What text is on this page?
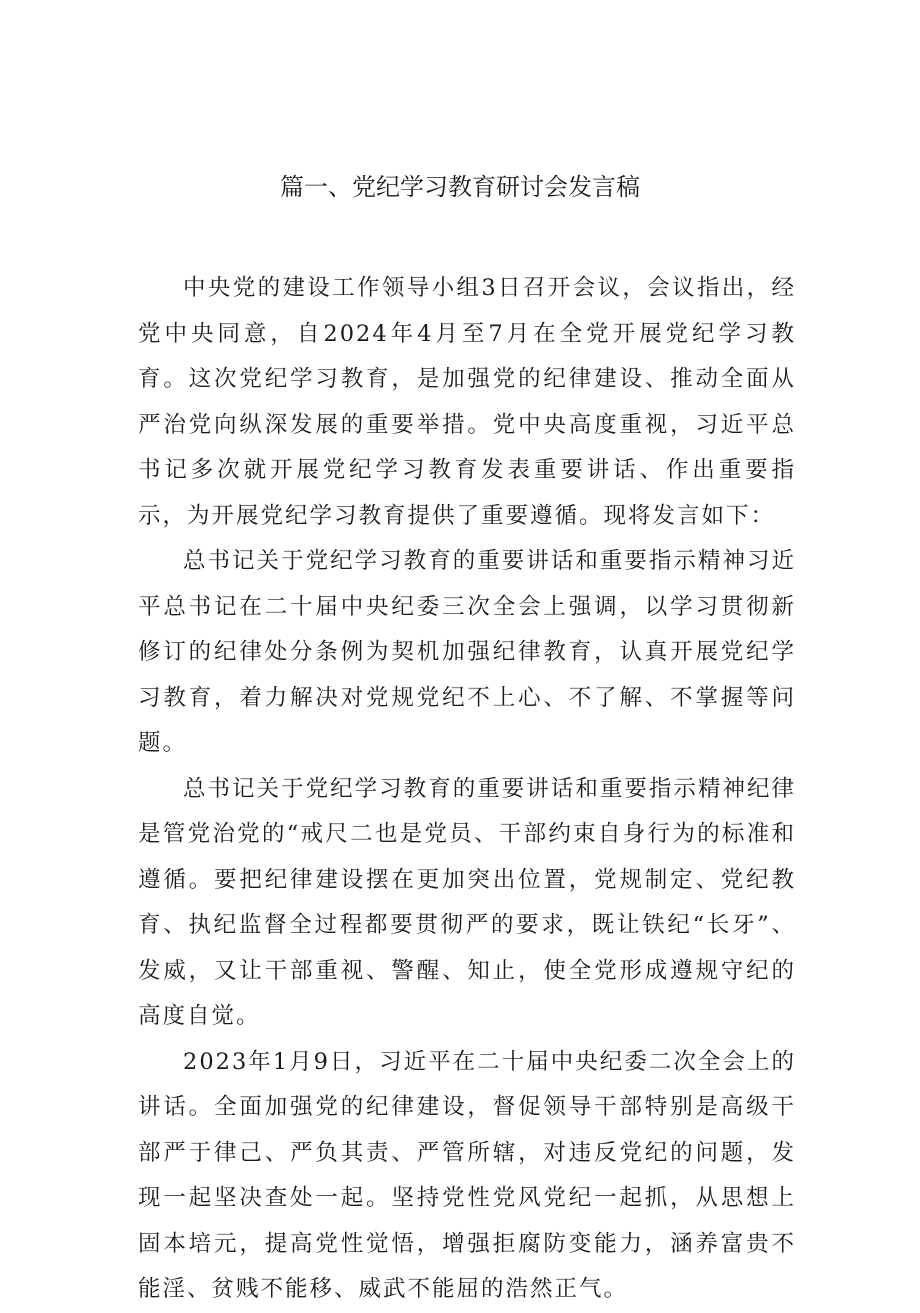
篇一、党纪学习教育研讨会发言稿

中央党的建设工作领导小组3日召开会议，会议指出，经党中央同意，自2024年4月至7月在全党开展党纪学习教育。这次党纪学习教育，是加强党的纪律建设、推动全面从严治党向纵深发展的重要举措。党中央高度重视，习近平总书记多次就开展党纪学习教育发表重要讲话、作出重要指示，为开展党纪学习教育提供了重要遵循。现将发言如下：

总书记关于党纪学习教育的重要讲话和重要指示精神习近平总书记在二十届中央纪委三次全会上强调，以学习贯彻新修订的纪律处分条例为契机加强纪律教育，认真开展党纪学习教育，着力解决对党规党纪不上心、不了解、不掌握等问题。

总书记关于党纪学习教育的重要讲话和重要指示精神纪律是管党治党的“戒尺二也是党员、干部约束自身行为的标准和遵循。要把纪律建设摆在更加突出位置，党规制定、党纪教育、执纪监督全过程都要贯彻严的要求，既让铁纪“长牙”、发威，又让干部重视、警醒、知止，使全党形成遵规守纪的高度自觉。

2023年1月9日，习近平在二十届中央纪委二次全会上的讲话。全面加强党的纪律建设，督促领导干部特别是高级干部严于律己、严负其责、严管所辖，对违反党纪的问题，发现一起坚决查处一起。坚持党性党风党纪一起抓，从思想上固本培元，提高党性觉悟，增强拒腐防变能力，涵养富贵不能淫、贫贱不能移、威武不能屈的浩然正气。
